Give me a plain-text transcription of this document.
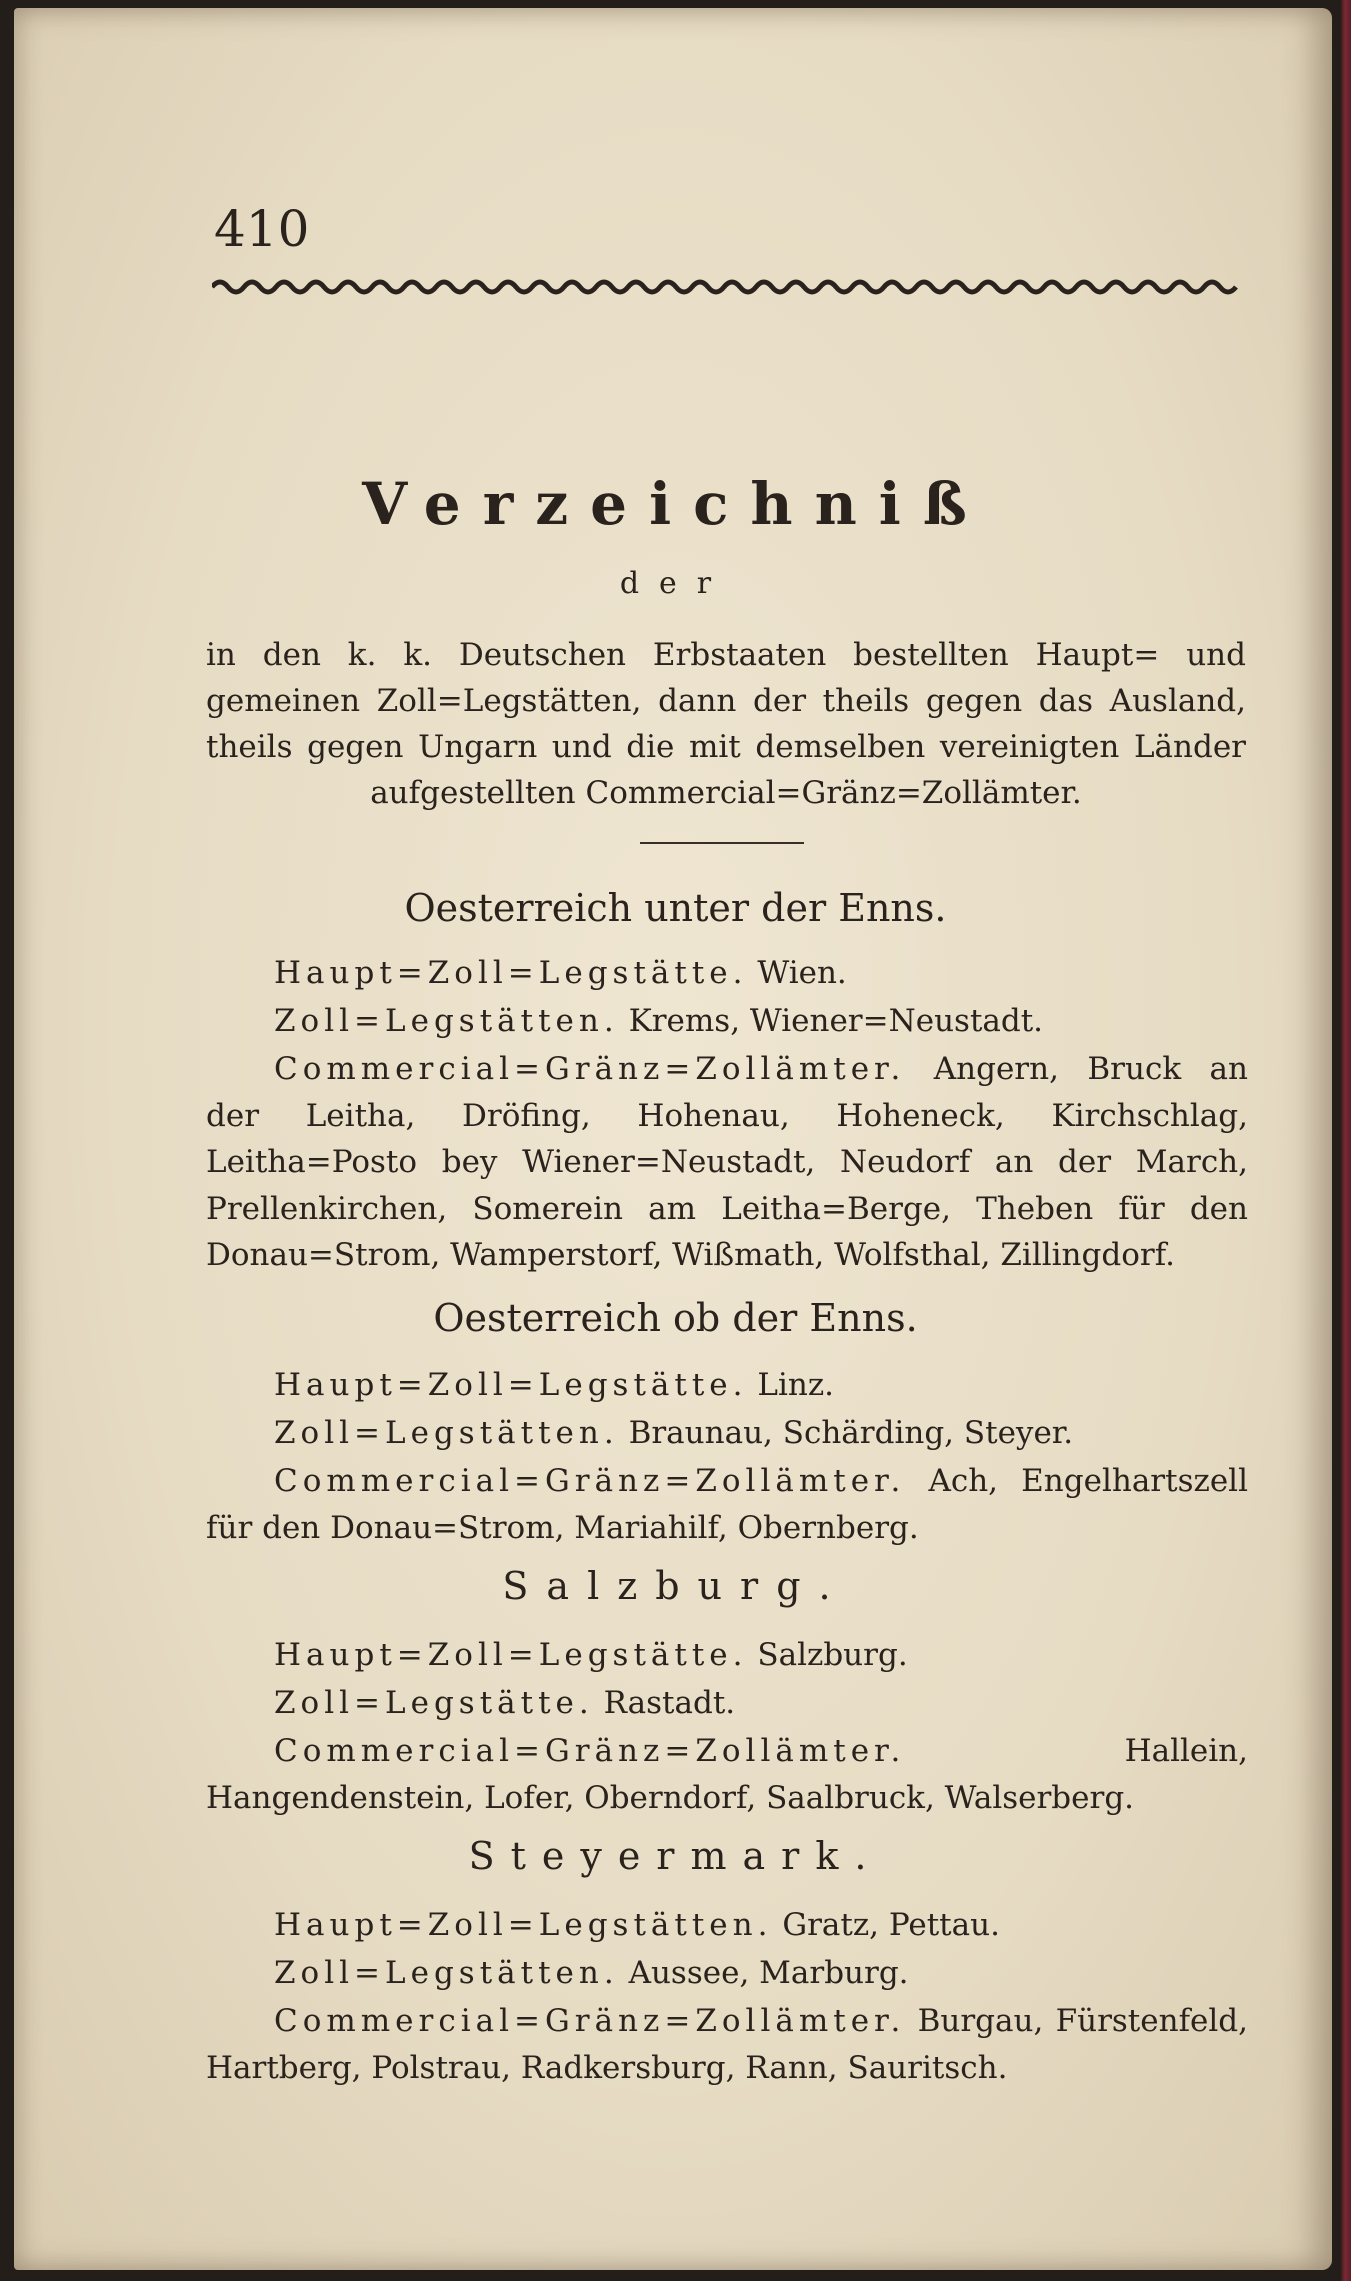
410
Verzeichniß
der
in den k. k. Deutschen Erbstaaten bestellten Haupt= und gemeinen Zoll=Legstätten, dann der theils gegen das Ausland, theils gegen Ungarn und die mit demselben vereinigten Länder aufgestellten Commercial=Gränz=Zollämter.
Oesterreich unter der Enns.
Haupt=Zoll=Legstätte. Wien.
Zoll=Legstätten. Krems, Wiener=Neustadt.
Commercial=Gränz=Zollämter. Angern, Bruck an der Leitha, Dröfing, Hohenau, Hoheneck, Kirchschlag, Leitha=Posto bey Wiener=Neustadt, Neudorf an der March, Prellenkirchen, Somerein am Leitha=Berge, Theben für den Donau=Strom, Wamperstorf, Wißmath, Wolfsthal, Zillingdorf.
Oesterreich ob der Enns.
Haupt=Zoll=Legstätte. Linz.
Zoll=Legstätten. Braunau, Schärding, Steyer.
Commercial=Gränz=Zollämter. Ach, Engelhartszell für den Donau=Strom, Mariahilf, Obernberg.
Salzburg.
Haupt=Zoll=Legstätte. Salzburg.
Zoll=Legstätte. Rastadt.
Commercial=Gränz=Zollämter.	Hallein, Hangendenstein, Lofer, Oberndorf, Saalbruck, Walserberg.
Steyermark.
Haupt=Zoll=Legstätten. Gratz, Pettau.
Zoll=Legstätten. Aussee, Marburg.
Commercial=Gränz=Zollämter. Burgau, Fürstenfeld, Hartberg, Polstrau, Radkersburg, Rann, Sauritsch.
